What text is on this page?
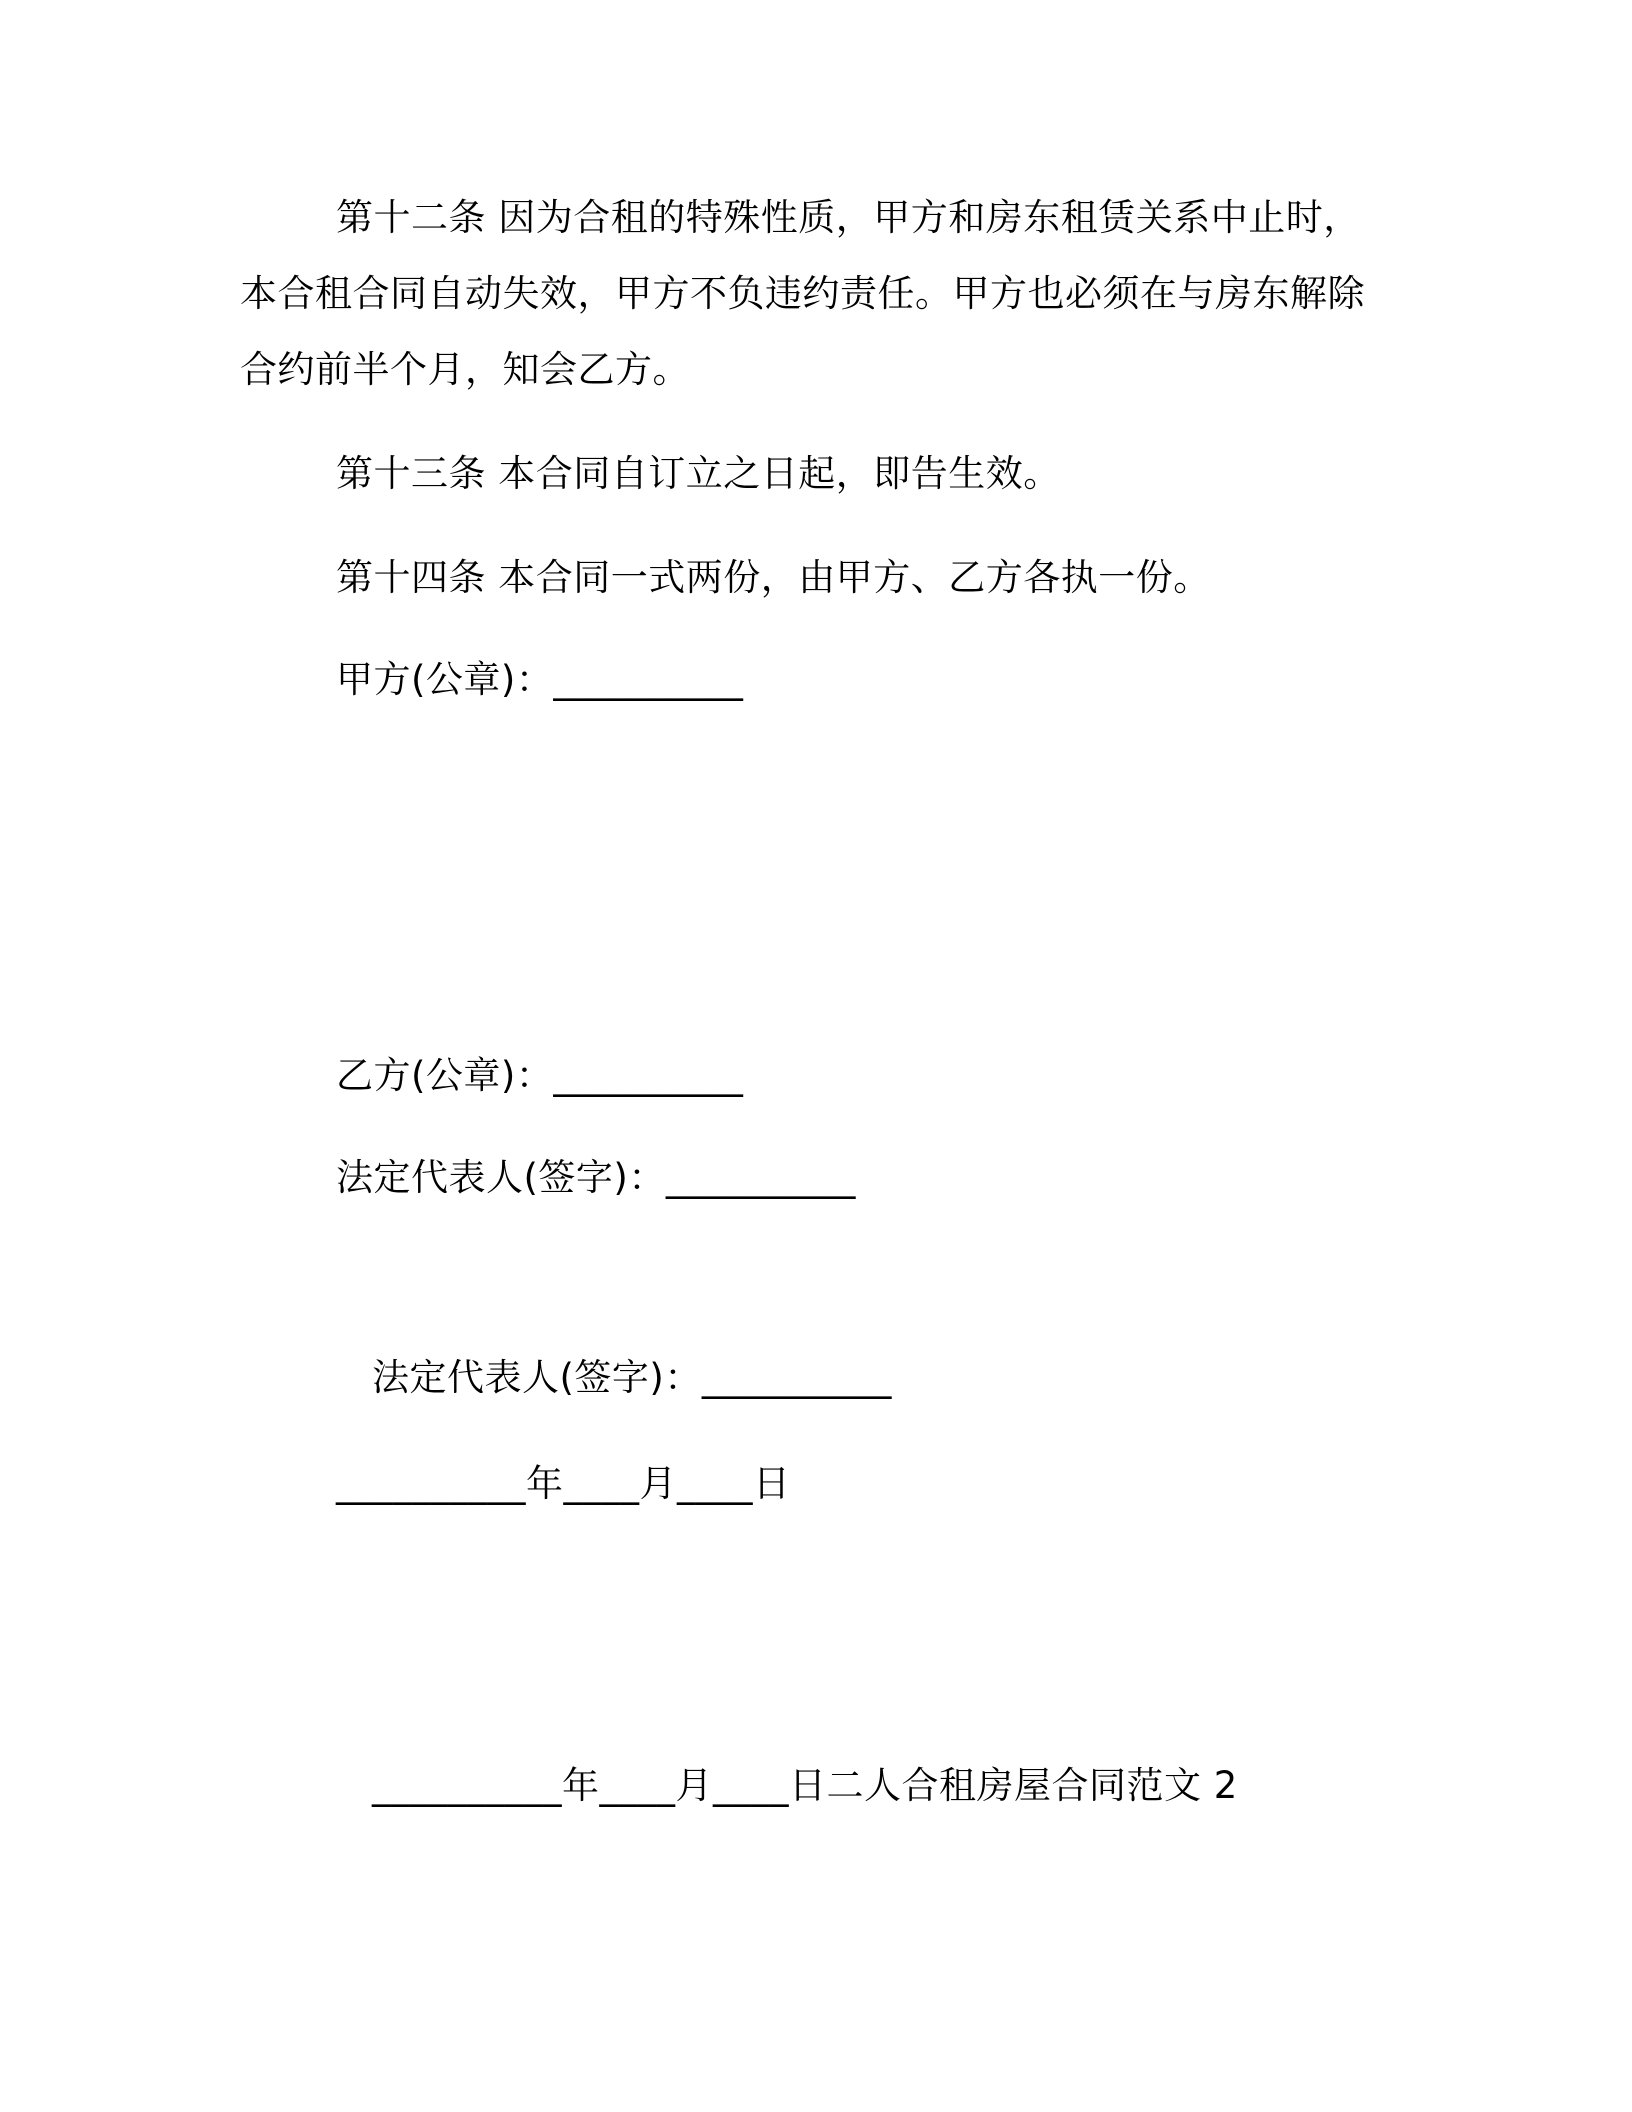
第十二条 因为合租的特殊性质，甲方和房东租赁关系中止时，本合租合同自动失效，甲方不负违约责任。甲方也必须在与房东解除合约前半个月，知会乙方。
第十三条 本合同自订立之日起，即告生效。
第十四条 本合同一式两份，由甲方、乙方各执一份。
甲方(公章)：__________
乙方(公章)：__________
法定代表人(签字)：__________
法定代表人(签字)：__________
__________年____月____日
__________年____月____日二人合租房屋合同范文 2
